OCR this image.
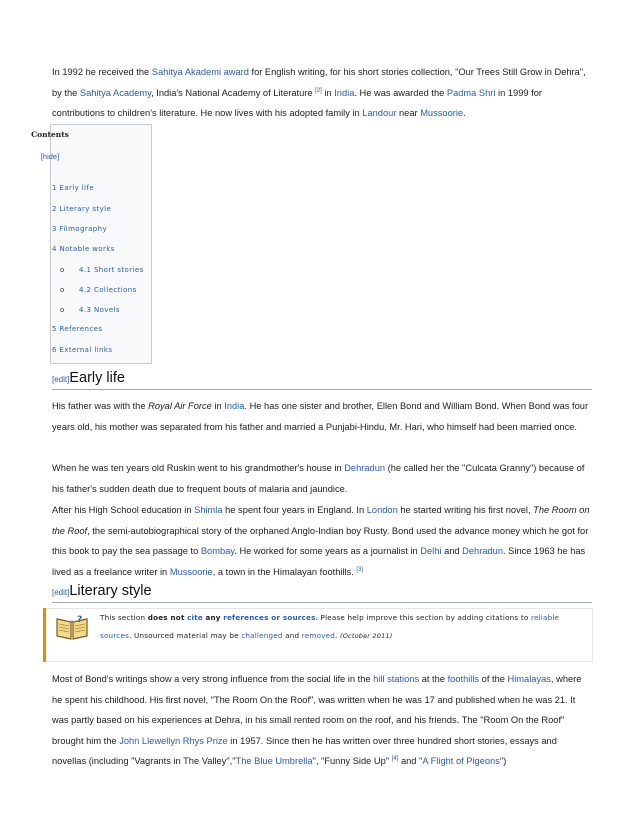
In 1992 he received the Sahitya Akademi award for English writing, for his short stories collection, "Our Trees Still Grow in Dehra", by the Sahitya Academy, India's National Academy of Literature [2] in India. He was awarded the Padma Shri in 1999 for contributions to children's literature. He now lives with his adopted family in Landour near Mussoorie.

Contents
[hide]
1 Early life
2 Literary style
3 Filmography
4 Notable works
o 4.1 Short stories
o 4.2 Collections
o 4.3 Novels
5 References
6 External links
[edit]Early life

His father was with the Royal Air Force in India. He has one sister and brother, Ellen Bond and William Bond. When Bond was four years old, his mother was separated from his father and married a Punjabi-Hindu, Mr. Hari, who himself had been married once.

When he was ten years old Ruskin went to his grandmother's house in Dehradun (he called her the "Culcata Granny") because of his father's sudden death due to frequent bouts of malaria and jaundice.

After his High School education in Shimla he spent four years in England. In London he started writing his first novel, The Room on the Roof, the semi-autobiographical story of the orphaned Anglo-Indian boy Rusty. Bond used the advance money which he got for this book to pay the sea passage to Bombay. He worked for some years as a journalist in Delhi and Dehradun. Since 1963 he has lived as a freelance writer in Mussoorie, a town in the Himalayan foothills. [3]

[edit]Literary style
? This section does not cite any references or sources. Please help improve this section by adding citations to reliable sources. Unsourced material may be challenged and removed. (October 2011)

Most of Bond's writings show a very strong influence from the social life in the hill stations at the foothills of the Himalayas, where he spent his childhood. His first novel, "The Room On the Roof", was written when he was 17 and published when he was 21. It was partly based on his experiences at Dehra, in his small rented room on the roof, and his friends. The "Room On the Roof" brought him the John Llewellyn Rhys Prize in 1957. Since then he has written over three hundred short stories, essays and novellas (including "Vagrants in The Valley","The Blue Umbrella", "Funny Side Up" [4] and "A Flight of Pigeons")
